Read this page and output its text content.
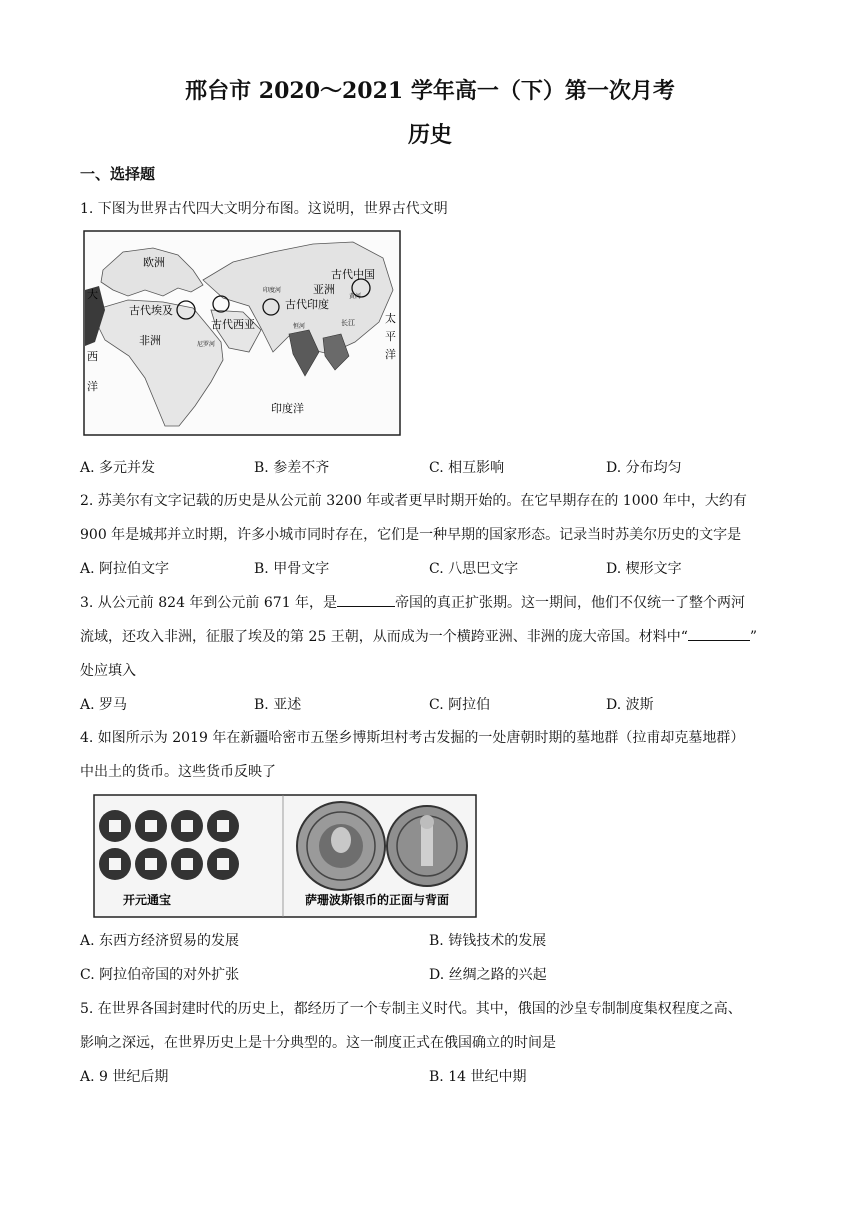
邢台市 2020～2021 学年高一（下）第一次月考
历史
一、选择题
1. 下图为世界古代四大文明分布图。这说明，世界古代文明
欧洲
亚洲
非洲
印度洋
古代埃及
古代西亚
古代印度
古代中国
长江
黄河
印度河
恒河
尼罗河
大
西
洋
太
平
洋
A. 多元并发	B. 参差不齐	C. 相互影响	D. 分布均匀
2. 苏美尔有文字记载的历史是从公元前 3200 年或者更早时期开始的。在它早期存在的 1000 年中，大约有
900 年是城邦并立时期，许多小城市同时存在，它们是一种早期的国家形态。记录当时苏美尔历史的文字是
A. 阿拉伯文字	B. 甲骨文字	C. 八思巴文字	D. 楔形文字
3. 从公元前 824 年到公元前 671 年，是	帝国的真正扩张期。这一期间，他们不仅统一了整个两河
流域，还攻入非洲，征服了埃及的第 25 王朝，从而成为一个横跨亚洲、非洲的庞大帝国。材料中“	”
处应填入
A. 罗马	B. 亚述	C. 阿拉伯	D. 波斯
4. 如图所示为 2019 年在新疆哈密市五堡乡博斯坦村考古发掘的一处唐朝时期的墓地群（拉甫却克墓地群）
中出土的货币。这些货币反映了
开元通宝	萨珊波斯银币的正面与背面
A. 东西方经济贸易的发展	B. 铸钱技术的发展
C. 阿拉伯帝国的对外扩张	D. 丝绸之路的兴起
5. 在世界各国封建时代的历史上，都经历了一个专制主义时代。其中，俄国的沙皇专制制度集权程度之高、
影响之深远，在世界历史上是十分典型的。这一制度正式在俄国确立的时间是
A. 9 世纪后期	B. 14 世纪中期
